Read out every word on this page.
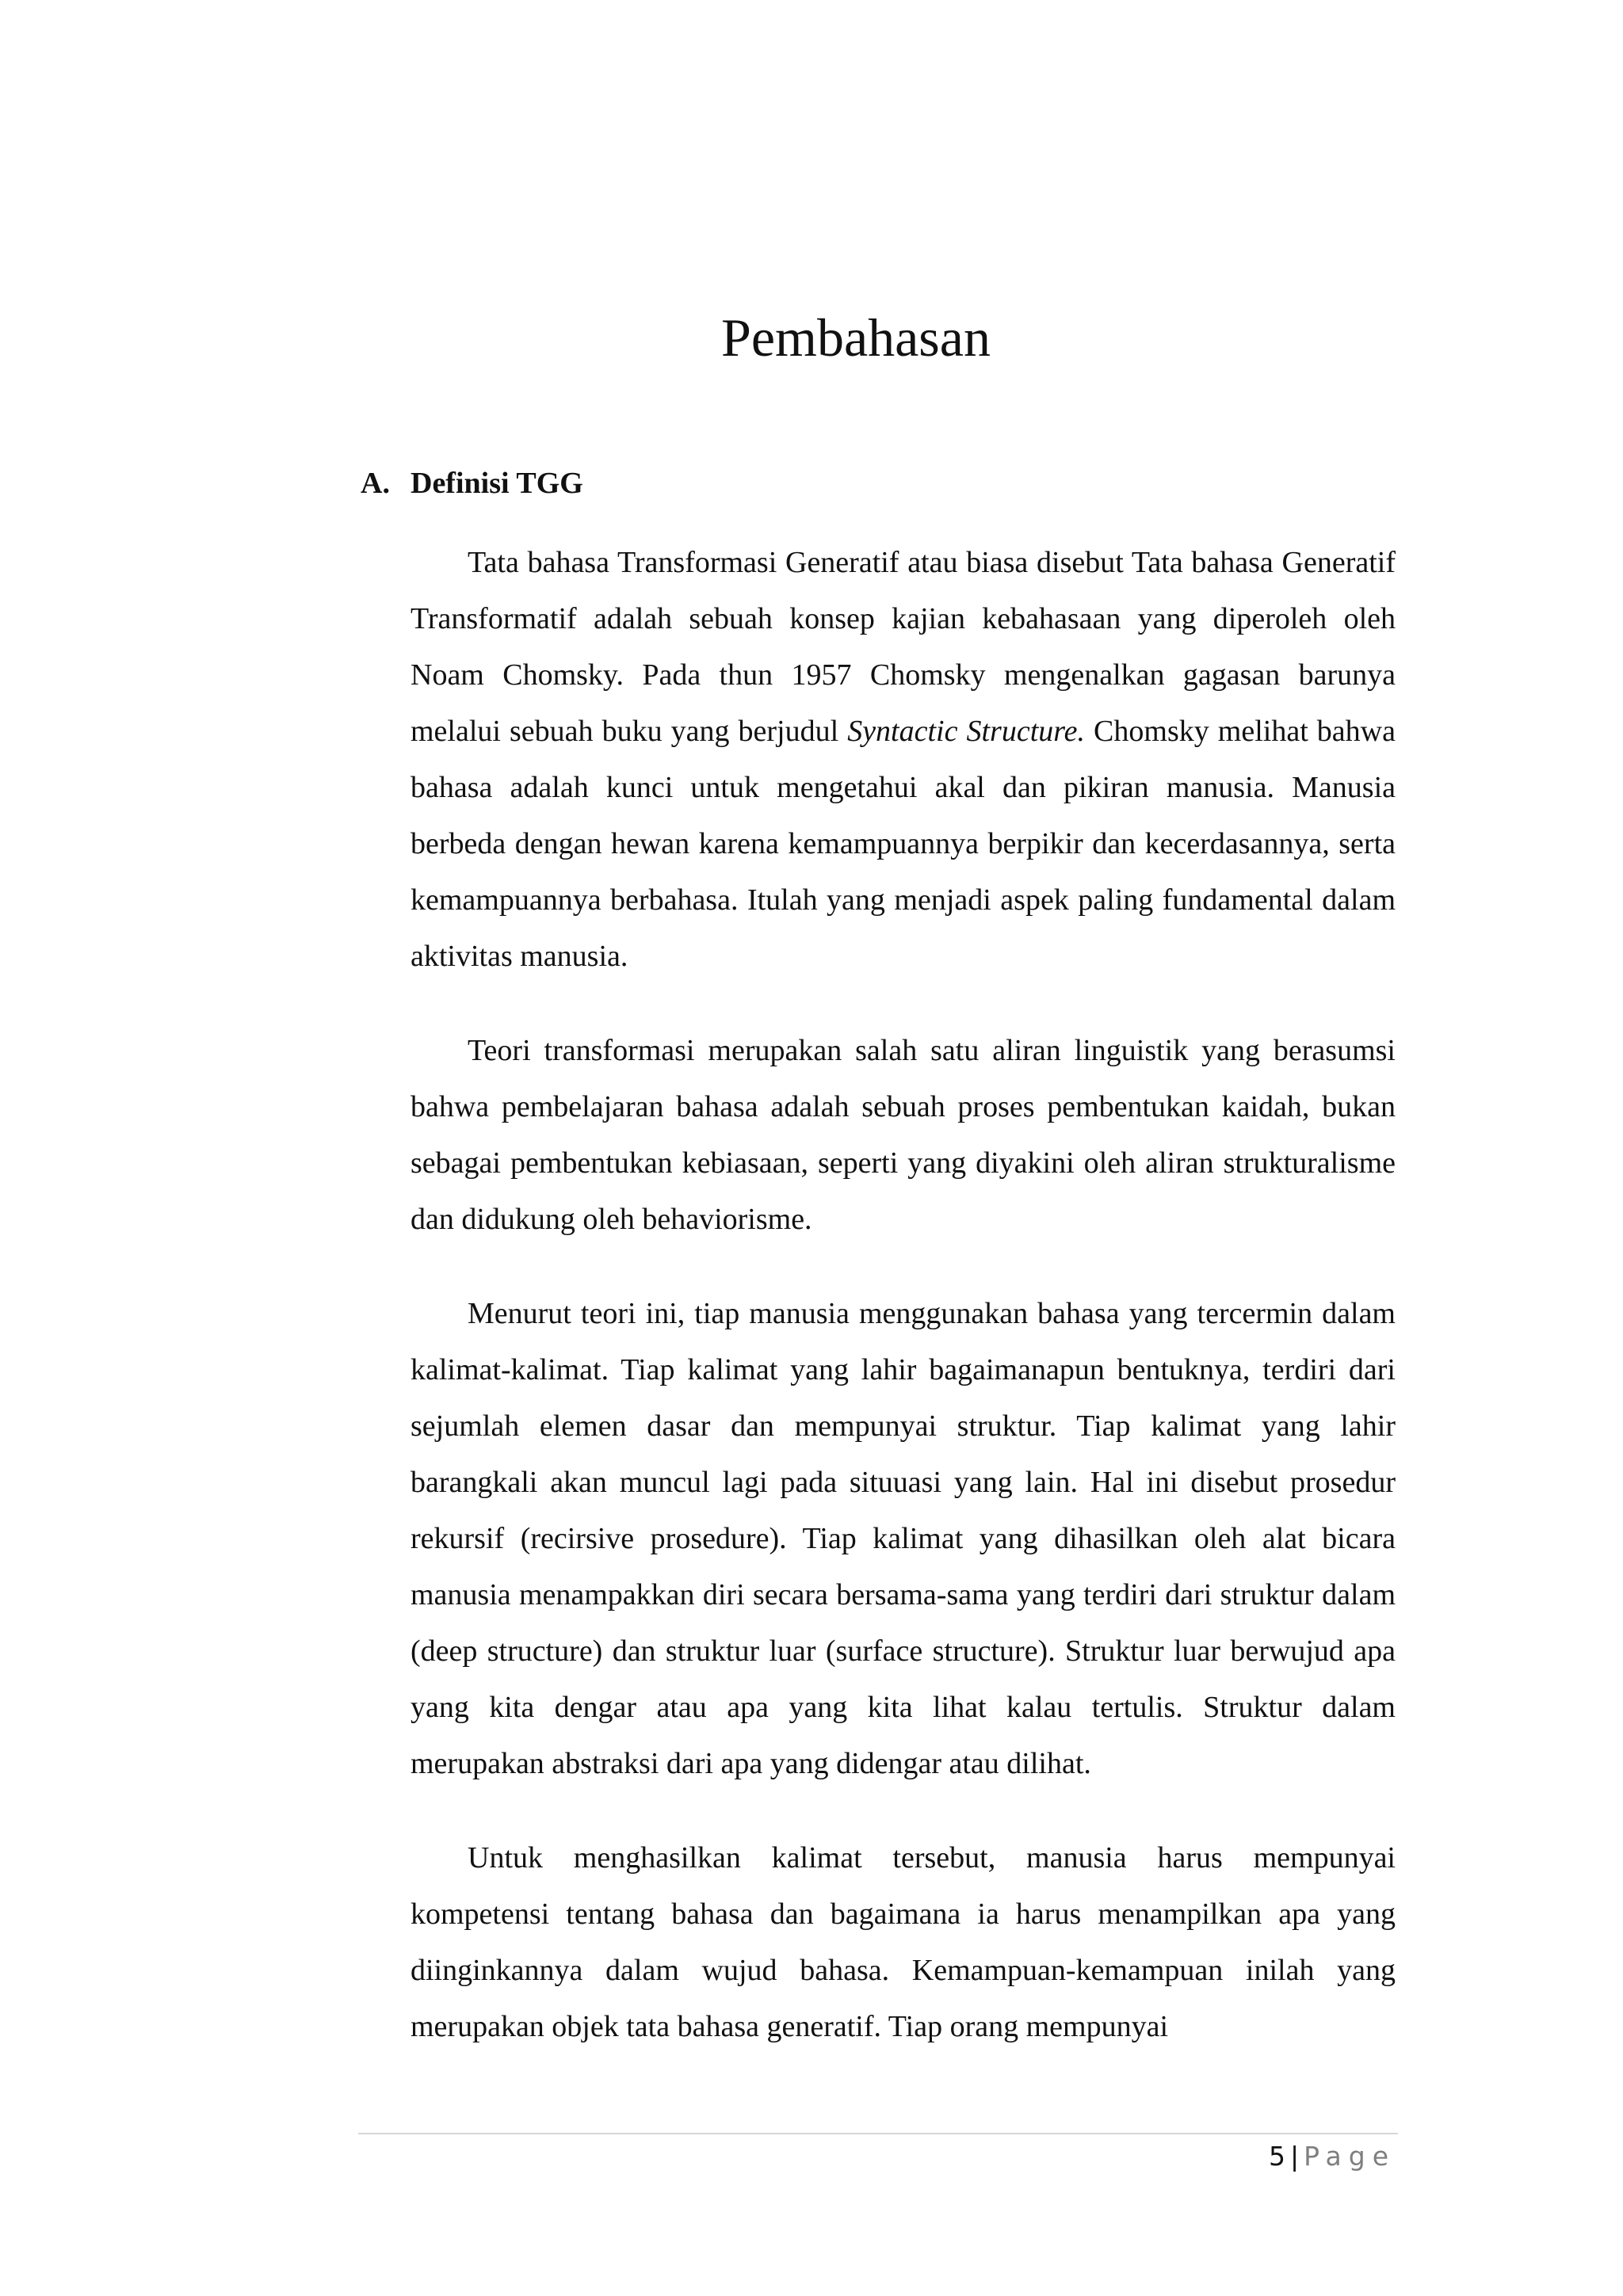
Pembahasan
A. Definisi TGG

Tata bahasa Transformasi Generatif atau biasa disebut Tata bahasa Generatif Transformatif adalah sebuah konsep kajian kebahasaan yang diperoleh oleh Noam Chomsky. Pada thun 1957 Chomsky mengenalkan gagasan barunya melalui sebuah buku yang berjudul Syntactic Structure. Chomsky melihat bahwa bahasa adalah kunci untuk mengetahui akal dan pikiran manusia. Manusia berbeda dengan hewan karena kemampuannya berpikir dan kecerdasannya, serta kemampuannya berbahasa. Itulah yang menjadi aspek paling fundamental dalam aktivitas manusia.

Teori transformasi merupakan salah satu aliran linguistik yang berasumsi bahwa pembelajaran bahasa adalah sebuah proses pembentukan kaidah, bukan sebagai pembentukan kebiasaan, seperti yang diyakini oleh aliran strukturalisme dan didukung oleh behaviorisme.

Menurut teori ini, tiap manusia menggunakan bahasa yang tercermin dalam kalimat-kalimat. Tiap kalimat yang lahir bagaimanapun bentuknya, terdiri dari sejumlah elemen dasar dan mempunyai struktur. Tiap kalimat yang lahir barangkali akan muncul lagi pada situuasi yang lain. Hal ini disebut prosedur rekursif (recirsive prosedure). Tiap kalimat yang dihasilkan oleh alat bicara manusia menampakkan diri secara bersama-sama yang terdiri dari struktur dalam (deep structure) dan struktur luar (surface structure). Struktur luar berwujud apa yang kita dengar atau apa yang kita lihat kalau tertulis. Struktur dalam merupakan abstraksi dari apa yang didengar atau dilihat.

Untuk menghasilkan kalimat tersebut, manusia harus mempunyai kompetensi tentang bahasa dan bagaimana ia harus menampilkan apa yang diinginkannya dalam wujud bahasa. Kemampuan-kemampuan inilah yang merupakan objek tata bahasa generatif. Tiap orang mempunyai

5 | Page
